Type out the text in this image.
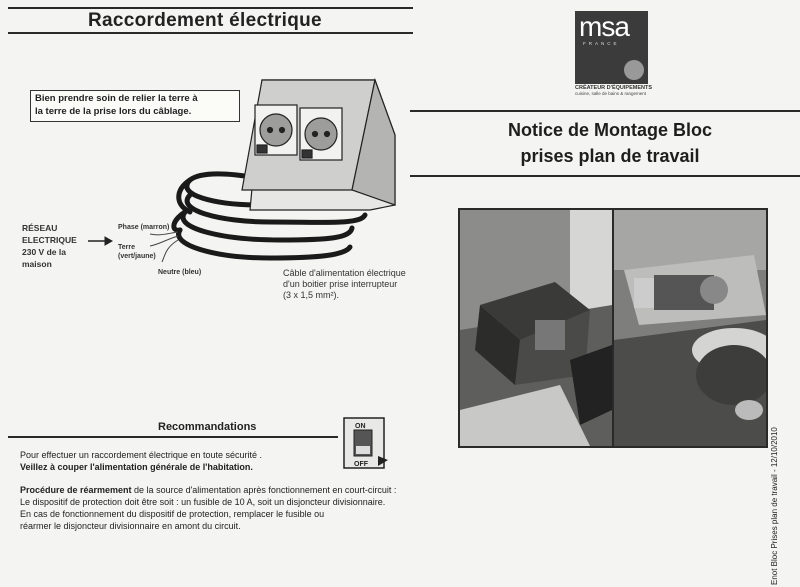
Raccordement électrique
Bien prendre soin de relier la terre à
la terre de la prise lors du câblage.
RÉSEAU
ELECTRIQUE
230 V de la
maison
Phase (marron)
Terre
(vert/jaune)
Neutre (bleu)	Câble d'alimentation électrique
d'un boitier prise interrupteur
(3 x 1,5 mm²).
Recommandations	ON
OFF
Pour effectuer un raccordement électrique en toute sécurité .
Veillez à couper l'alimentation générale de l'habitation.
Procédure de réarmement de la source d'alimentation après fonctionnement en court-circuit :
Le dispositif de protection doit être soit : un fusible de 10 A, soit un disjoncteur divisionnaire.
En cas de fonctionnement du dispositif de protection, remplacer le fusible ou
réarmer le disjoncteur divisionnaire en amont du circuit.
msa
FRANCE
CRÉATEUR D'ÉQUIPEMENTS
cuisine, salle de bains & rangement
Notice de Montage Bloc
prises plan de travail
Enot Bloc Prises plan de travail - 12/10/2010
